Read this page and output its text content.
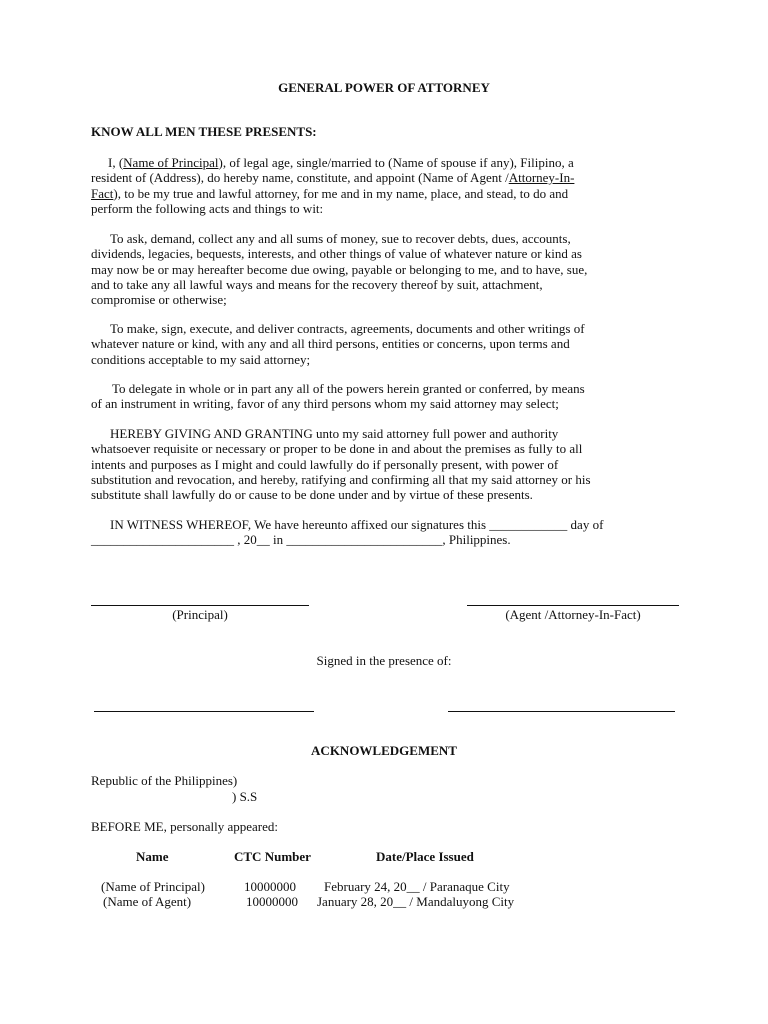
GENERAL POWER OF ATTORNEY
KNOW ALL MEN THESE PRESENTS:
I, (Name of Principal), of legal age, single/married to (Name of spouse if any), Filipino, a
resident of (Address), do hereby name, constitute, and appoint (Name of Agent /Attorney-In-
Fact), to be my true and lawful attorney, for me and in my name, place, and stead, to do and
perform the following acts and things to wit:
To ask, demand, collect any and all sums of money, sue to recover debts, dues, accounts,
dividends, legacies, bequests, interests, and other things of value of whatever nature or kind as
may now be or may hereafter become due owing, payable or belonging to me, and to have, sue,
and to take any all lawful ways and means for the recovery thereof by suit, attachment,
compromise or otherwise;
To make, sign, execute, and deliver contracts, agreements, documents and other writings of
whatever nature or kind, with any and all third persons, entities or concerns, upon terms and
conditions acceptable to my said attorney;
To delegate in whole or in part any all of the powers herein granted or conferred, by means
of an instrument in writing, favor of any third persons whom my said attorney may select;
HEREBY GIVING AND GRANTING unto my said attorney full power and authority
whatsoever requisite or necessary or proper to be done in and about the premises as fully to all
intents and purposes as I might and could lawfully do if personally present, with power of
substitution and revocation, and hereby, ratifying and confirming all that my said attorney or his
substitute shall lawfully do or cause to be done under and by virtue of these presents.
IN WITNESS WHEREOF, We have hereunto affixed our signatures this ____________ day of
______________________ , 20__ in ________________________, Philippines.
(Principal)	(Agent /Attorney-In-Fact)
Signed in the presence of:
ACKNOWLEDGEMENT
Republic of the Philippines)
) S.S
BEFORE ME, personally appeared:
Name	CTC Number	Date/Place Issued
(Name of Principal)	10000000 February 24, 20__ / Paranaque City
(Name of Agent)	10000000 January 28, 20__ / Mandaluyong City
